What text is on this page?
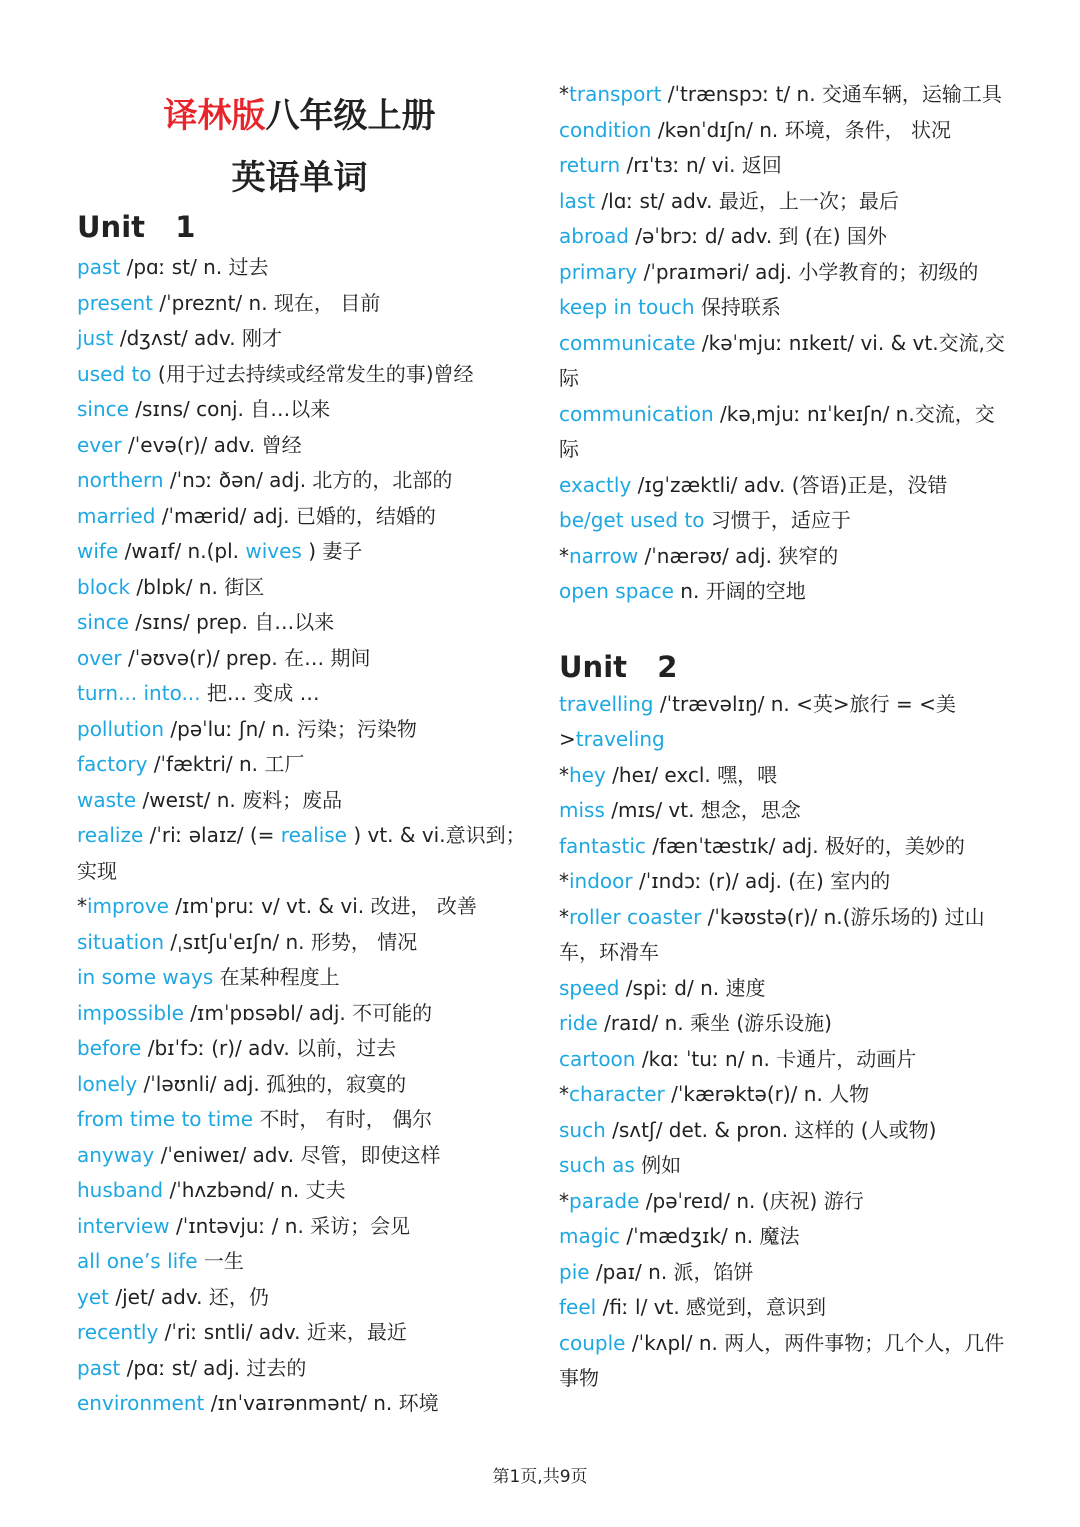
译林版八年级上册
英语单词
Unit   1

past /pɑː st/ n. 过去

present /ˈpreznt/ n. 现在， 目前

just /dʒʌst/ adv. 刚才

used to (用于过去持续或经常发生的事)曾经

since /sɪns/ conj. 自…以来

ever /ˈevə(r)/ adv. 曾经

northern /ˈnɔː ðən/ adj. 北方的，北部的

married /ˈmærid/ adj. 已婚的，结婚的

wife /waɪf/ n.(pl. wives ) 妻子

block /blɒk/ n. 街区

since /sɪns/ prep. 自…以来

over /ˈəʊvə(r)/ prep. 在… 期间

turn... into... 把… 变成 …

pollution /pəˈluː ʃn/ n. 污染；污染物

factory /ˈfæktri/ n. 工厂

waste /weɪst/ n. 废料；废品

realize /ˈriː əlaɪz/ (= realise ) vt. & vi.意识到；实现

*improve /ɪmˈpruː v/ vt. & vi. 改进， 改善

situation /ˌsɪtʃuˈeɪʃn/ n. 形势， 情况

in some ways 在某种程度上

impossible /ɪmˈpɒsəbl/ adj. 不可能的

before /bɪˈfɔː (r)/ adv. 以前，过去

lonely /ˈləʊnli/ adj. 孤独的，寂寞的

from time to time 不时， 有时， 偶尔

anyway /ˈeniweɪ/ adv. 尽管，即使这样

husband /ˈhʌzbənd/ n. 丈夫

interview /ˈɪntəvjuː / n. 采访；会见

all one’s life 一生

yet /jet/ adv. 还，仍

recently /ˈriː sntli/ adv. 近来，最近

past /pɑː st/ adj. 过去的

environment /ɪnˈvaɪrənmənt/ n. 环境

*transport /ˈtrænspɔː t/ n. 交通车辆，运输工具

condition /kənˈdɪʃn/ n. 环境，条件， 状况

return /rɪˈtɜː n/ vi. 返回

last /lɑː st/ adv. 最近，上一次；最后

abroad /əˈbrɔː d/ adv. 到 (在) 国外

primary /ˈpraɪməri/ adj. 小学教育的；初级的

keep in touch 保持联系

communicate /kəˈmjuː nɪkeɪt/ vi. & vt.交流,交际

communication /kəˌmjuː nɪˈkeɪʃn/ n.交流，交际

exactly /ɪɡˈzæktli/ adv. (答语)正是，没错

be/get used to 习惯于，适应于

*narrow /ˈnærəʊ/ adj. 狭窄的

open space n. 开阔的空地

Unit   2

travelling /ˈtrævəlɪŋ/ n. <英>旅行 = <美>traveling

*hey /heɪ/ excl. 嘿，喂

miss /mɪs/ vt. 想念，思念

fantastic /fænˈtæstɪk/ adj. 极好的，美妙的

*indoor /ˈɪndɔː (r)/ adj. (在) 室内的

*roller coaster /ˈkəʊstə(r)/ n.(游乐场的) 过山车，环滑车

speed /spiː d/ n. 速度

ride /raɪd/ n. 乘坐 (游乐设施)

cartoon /kɑː ˈtuː n/ n. 卡通片，动画片

*character /ˈkærəktə(r)/ n. 人物

such /sʌtʃ/ det. & pron. 这样的 (人或物)

such as 例如

*parade /pəˈreɪd/ n. (庆祝) 游行

magic /ˈmædʒɪk/ n. 魔法

pie /paɪ/ n. 派，馅饼

feel /fiː l/ vt. 感觉到，意识到

couple /ˈkʌpl/ n. 两人，两件事物；几个人，几件事物

第1页,共9页
